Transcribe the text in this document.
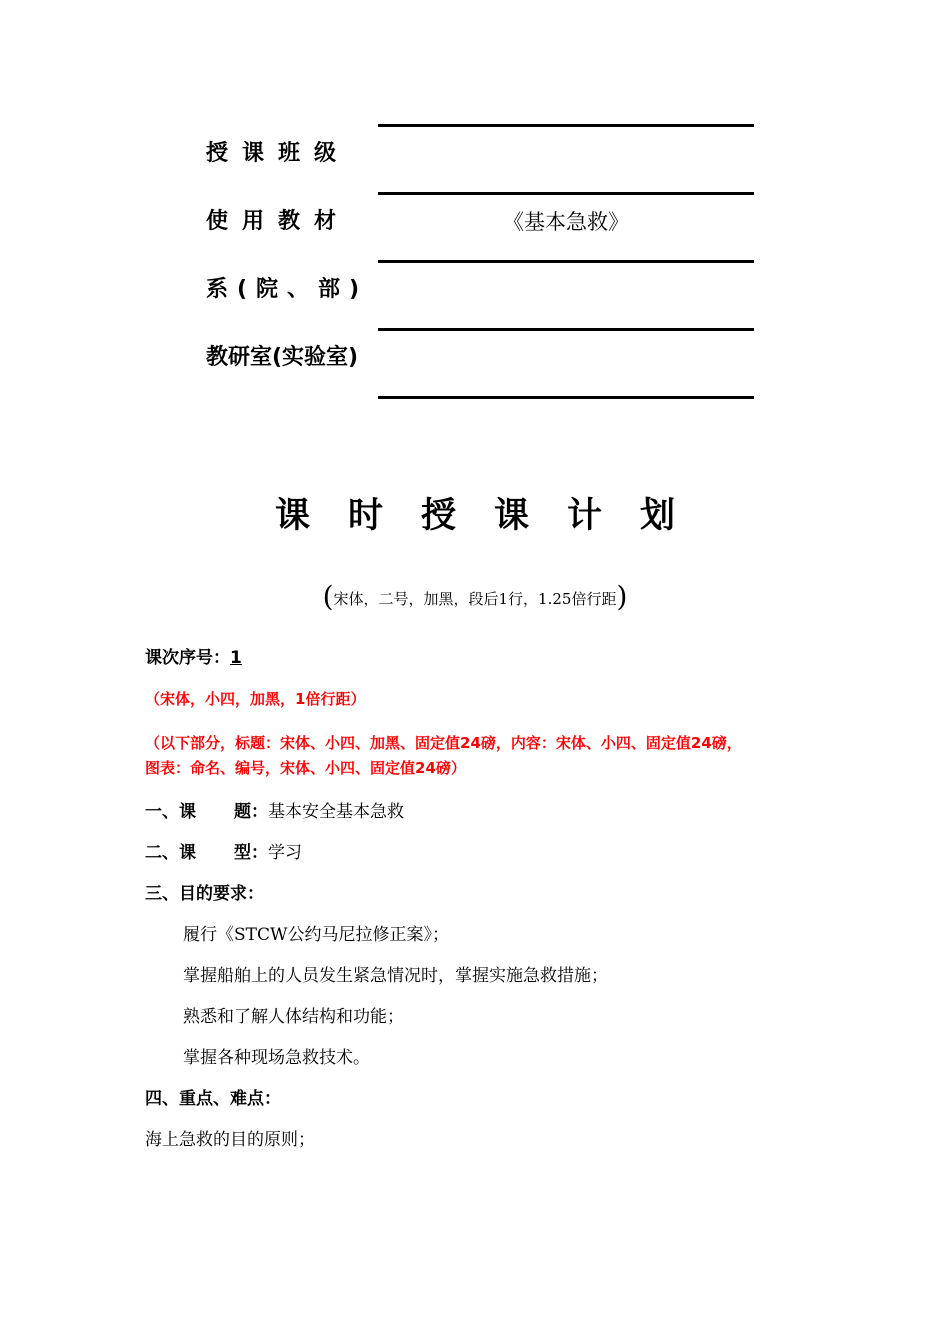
授课班级
使用教材	《基本急救》
系(院、部)
教研室(实验室)
课时授课计划
(宋体，二号，加黑，段后1行，1.25倍行距)
课次序号：1
（宋体，小四，加黑，1倍行距）
（以下部分，标题：宋体、小四、加黑、固定值24磅，内容：宋体、小四、固定值24磅，
图表：命名、编号，宋体、小四、固定值24磅）
一、课 题：基本安全基本急救
二、课 型：学习
三、目的要求：
履行《STCW公约马尼拉修正案》；
掌握船舶上的人员发生紧急情况时，掌握实施急救措施；
熟悉和了解人体结构和功能；
掌握各种现场急救技术。
四、重点、难点：
海上急救的目的原则；
